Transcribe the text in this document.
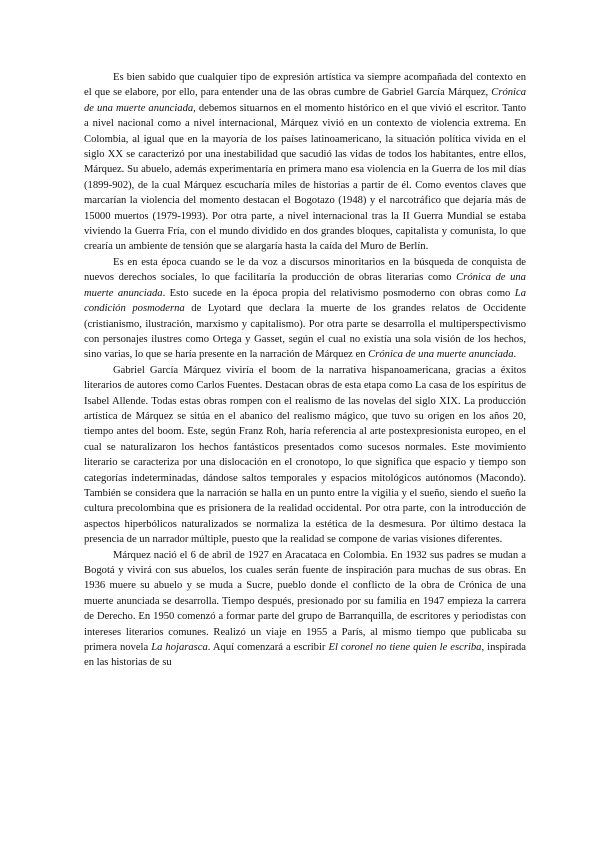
Es bien sabido que cualquier tipo de expresión artística va siempre acompañada del contexto en el que se elabore, por ello, para entender una de las obras cumbre de Gabriel García Márquez, Crónica de una muerte anunciada, debemos situarnos en el momento histórico en el que vivió el escritor. Tanto a nivel nacional como a nivel internacional, Márquez vivió en un contexto de violencia extrema. En Colombia, al igual que en la mayoría de los países latinoamericano, la situación política vivida en el siglo XX se caracterizó por una inestabilidad que sacudió las vidas de todos los habitantes, entre ellos, Márquez. Su abuelo, además experimentaría en primera mano esa violencia en la Guerra de los mil días (1899-902), de la cual Márquez escucharía miles de historias a partir de él. Como eventos claves que marcarían la violencia del momento destacan el Bogotazo (1948) y el narcotráfico que dejaría más de 15000 muertos (1979-1993). Por otra parte, a nivel internacional tras la II Guerra Mundial se estaba viviendo la Guerra Fría, con el mundo dividido en dos grandes bloques, capitalista y comunista, lo que crearía un ambiente de tensión que se alargaría hasta la caída del Muro de Berlín.

Es en esta época cuando se le da voz a discursos minoritarios en la búsqueda de conquista de nuevos derechos sociales, lo que facilitaría la producción de obras literarias como Crónica de una muerte anunciada. Esto sucede en la época propia del relativismo posmoderno con obras como La condición posmoderna de Lyotard que declara la muerte de los grandes relatos de Occidente (cristianismo, ilustración, marxismo y capitalismo). Por otra parte se desarrolla el multiperspectivismo con personajes ilustres como Ortega y Gasset, según el cual no existía una sola visión de los hechos, sino varias, lo que se haría presente en la narración de Márquez en Crónica de una muerte anunciada.

Gabriel García Márquez viviría el boom de la narrativa hispanoamericana, gracias a éxitos literarios de autores como Carlos Fuentes. Destacan obras de esta etapa como La casa de los espíritus de Isabel Allende. Todas estas obras rompen con el realismo de las novelas del siglo XIX. La producción artística de Márquez se sitúa en el abanico del realismo mágico, que tuvo su origen en los años 20, tiempo antes del boom. Este, según Franz Roh, haría referencia al arte postexpresionista europeo, en el cual se naturalizaron los hechos fantásticos presentados como sucesos normales. Este movimiento literario se caracteriza por una dislocación en el cronotopo, lo que significa que espacio y tiempo son categorías indeterminadas, dándose saltos temporales y espacios mitológicos autónomos (Macondo). También se considera que la narración se halla en un punto entre la vigilia y el sueño, siendo el sueño la cultura precolombina que es prisionera de la realidad occidental. Por otra parte, con la introducción de aspectos hiperbólicos naturalizados se normaliza la estética de la desmesura. Por último destaca la presencia de un narrador múltiple, puesto que la realidad se compone de varias visiones diferentes.

Márquez nació el 6 de abril de 1927 en Aracataca en Colombia. En 1932 sus padres se mudan a Bogotá y vivirá con sus abuelos, los cuales serán fuente de inspiración para muchas de sus obras. En 1936 muere su abuelo y se muda a Sucre, pueblo donde el conflicto de la obra de Crónica de una muerte anunciada se desarrolla. Tiempo después, presionado por su familia en 1947 empieza la carrera de Derecho. En 1950 comenzó a formar parte del grupo de Barranquilla, de escritores y periodistas con intereses literarios comunes. Realizó un viaje en 1955 a París, al mismo tiempo que publicaba su primera novela La hojarasca. Aquí comenzará a escribir El coronel no tiene quien le escriba, inspirada en las historias de su
